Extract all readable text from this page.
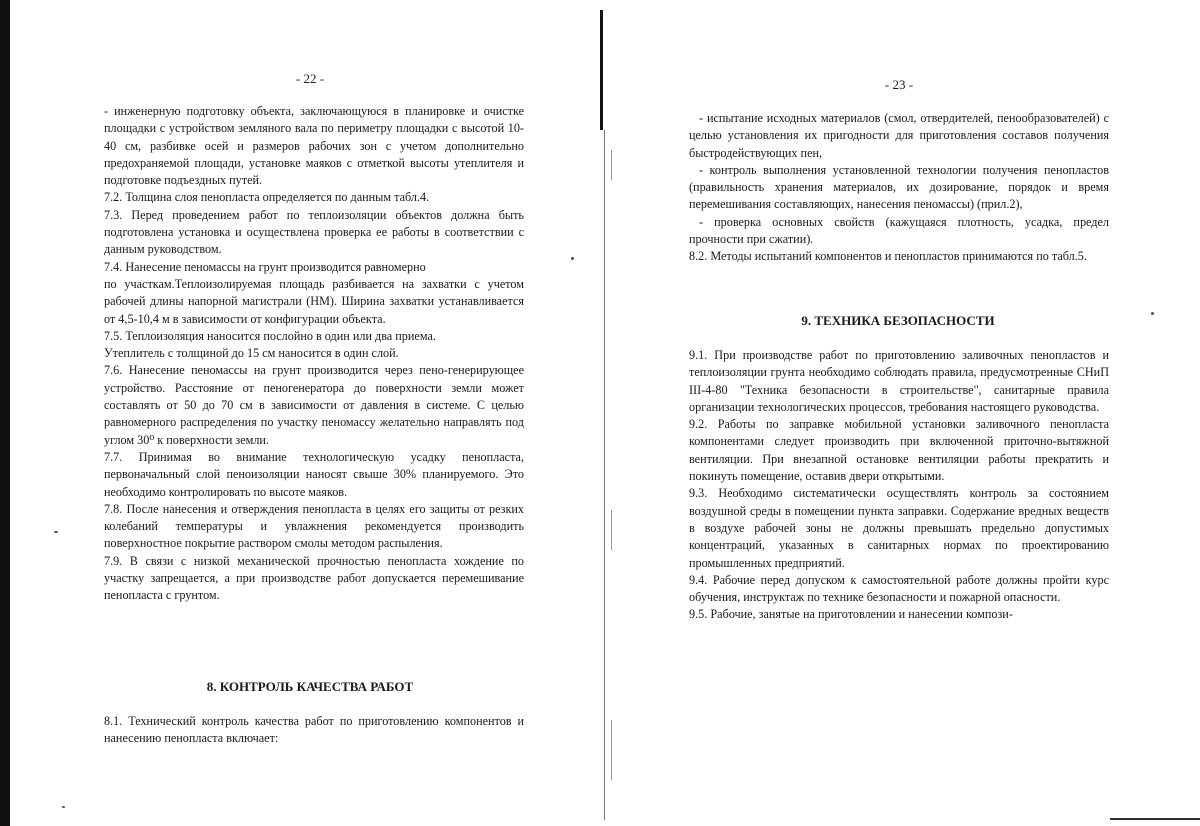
- 22 -

- инженерную подготовку объекта, заключающуюся в планировке и очистке площадки с устройством земляного вала по периметру площадки с высотой 10-40 см, разбивке осей и размеров рабочих зон с учетом дополнительно предохраняемой площади, установке маяков с отметкой высоты утеплителя и подготовке подъездных путей.

7.2. Толщина слоя пенопласта определяется по данным табл.4.

7.3. Перед проведением работ по теплоизоляции объектов должна быть подготовлена установка и осуществлена проверка ее работы в соответствии с данным руководством.

7.4. Нанесение пеномассы на грунт производится равномерно

по участкам.Теплоизолируемая площадь разбивается на захватки с учетом рабочей длины напорной магистрали (НМ). Ширина захватки устанавливается от 4,5-10,4 м в зависимости от конфигурации объекта.

7.5. Теплоизоляция наносится послойно в один или два приема.

Утеплитель с толщиной до 15 см наносится в один слой.

7.6. Нанесение пеномассы на грунт производится через пено-генерирующее устройство. Расстояние от пеногенератора до поверхности земли может составлять от 50 до 70 см в зависимости от давления в системе. С целью равномерного распределения по участку пеномассу желательно направлять под углом 30⁰ к поверхности земли.

7.7. Принимая во внимание технологическую усадку пенопласта, первоначальный слой пеноизоляции наносят свыше 30% планируемого. Это необходимо контролировать по высоте маяков.

7.8. После нанесения и отверждения пенопласта в целях его защиты от резких колебаний температуры и увлажнения рекомендуется производить поверхностное покрытие раствором смолы методом распыления.

7.9. В связи с низкой механической прочностью пенопласта хождение по участку запрещается, а при производстве работ допускается перемешивание пенопласта с грунтом.

8. КОНТРОЛЬ КАЧЕСТВА РАБОТ

8.1. Технический контроль качества работ по приготовлению компонентов и нанесению пенопласта включает:

- 23 -

- испытание исходных материалов (смол, отвердителей, пенообразователей) с целью установления их пригодности для приготовления составов получения быстродействующих пен,

- контроль выполнения установленной технологии получения пенопластов (правильность хранения материалов, их дозирование, порядок и время перемешивания составляющих, нанесения пеномассы) (прил.2),

- проверка основных свойств (кажущаяся плотность, усадка, предел прочности при сжатии).

8.2. Методы испытаний компонентов и пенопластов принимаются по табл.5.

9. ТЕХНИКА БЕЗОПАСНОСТИ

9.1. При производстве работ по приготовлению заливочных пенопластов и теплоизоляции грунта необходимо соблюдать правила, предусмотренные СНиП III-4-80 "Техника безопасности в строительстве", санитарные правила организации технологических процессов, требования настоящего руководства.

9.2. Работы по заправке мобильной установки заливочного пенопласта компонентами следует производить при включенной приточно-вытяжной вентиляции. При внезапной остановке вентиляции работы прекратить и покинуть помещение, оставив двери открытыми.

9.3. Необходимо систематически осуществлять контроль за состоянием воздушной среды в помещении пункта заправки. Содержание вредных веществ в воздухе рабочей зоны не должны превышать предельно допустимых концентраций, указанных в санитарных нормах по проектированию промышленных предприятий.

9.4. Рабочие перед допуском к самостоятельной работе должны пройти курс обучения, инструктаж по технике безопасности и пожарной опасности.

9.5. Рабочие, занятые на приготовлении и нанесении компози-
